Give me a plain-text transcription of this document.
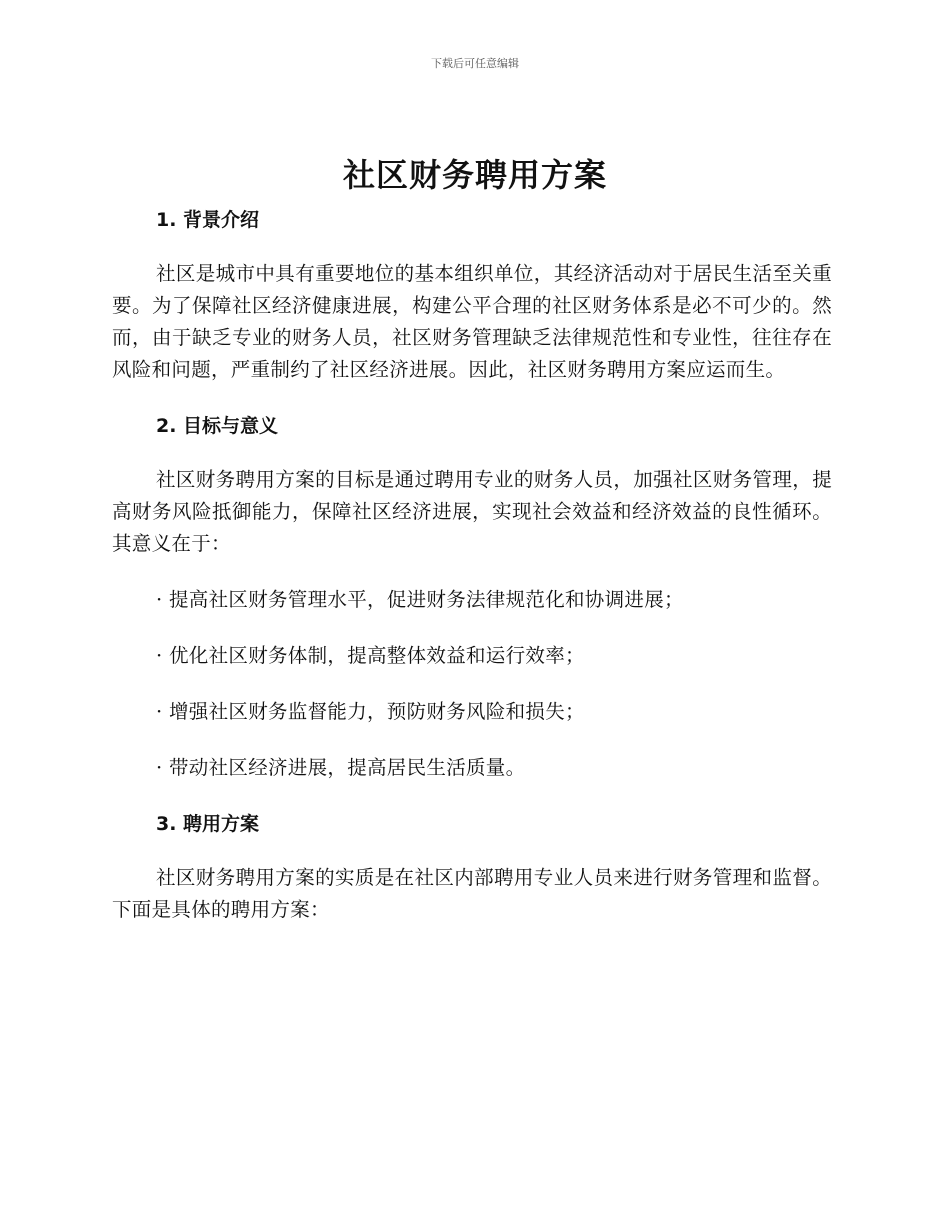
下载后可任意编辑
社区财务聘用方案
1. 背景介绍

社区是城市中具有重要地位的基本组织单位，其经济活动对于居民生活至关重要。为了保障社区经济健康进展，构建公平合理的社区财务体系是必不可少的。然而，由于缺乏专业的财务人员，社区财务管理缺乏法律规范性和专业性，往往存在风险和问题，严重制约了社区经济进展。因此，社区财务聘用方案应运而生。

2. 目标与意义

社区财务聘用方案的目标是通过聘用专业的财务人员，加强社区财务管理，提高财务风险抵御能力，保障社区经济进展，实现社会效益和经济效益的良性循环。其意义在于：

· 提高社区财务管理水平，促进财务法律规范化和协调进展；
· 优化社区财务体制，提高整体效益和运行效率；
· 增强社区财务监督能力，预防财务风险和损失；
· 带动社区经济进展，提高居民生活质量。
3. 聘用方案

社区财务聘用方案的实质是在社区内部聘用专业人员来进行财务管理和监督。下面是具体的聘用方案：
